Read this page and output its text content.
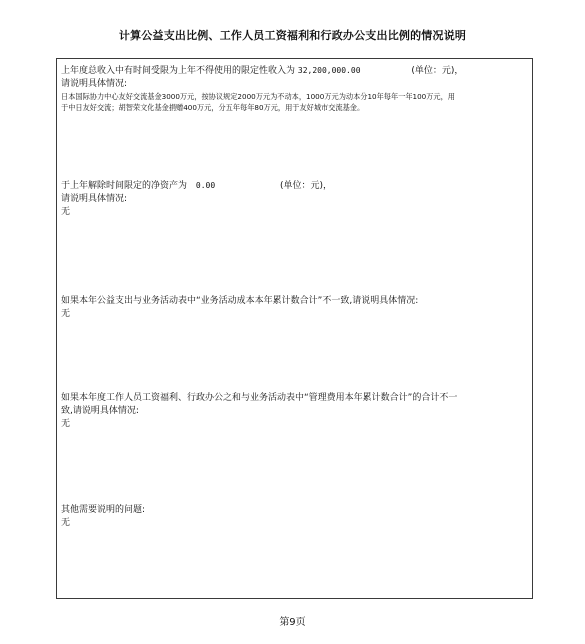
计算公益支出比例、工作人员工资福利和行政办公支出比例的情况说明
上年度总收入中有时间受限为上年不得使用的限定性收入为 32,200,000.00	(单位：元)，
请说明具体情况:
日本国际协力中心友好交流基金3000万元，按协议规定2000万元为不动本，1000万元为动本分10年每年一年100万元，用
于中日友好交流；胡智荣文化基金捐赠400万元，分五年每年80万元，用于友好城市交流基金。
于上年解除时间限定的净资产为 0.00	(单位：元)，
请说明具体情况:
无
如果本年公益支出与业务活动表中“业务活动成本本年累计数合计”不一致,请说明具体情况:
无
如果本年度工作人员工资福利、行政办公之和与业务活动表中“管理费用本年累计数合计”的合计不一
致,请说明具体情况:
无
其他需要说明的问题:
无
第9页
